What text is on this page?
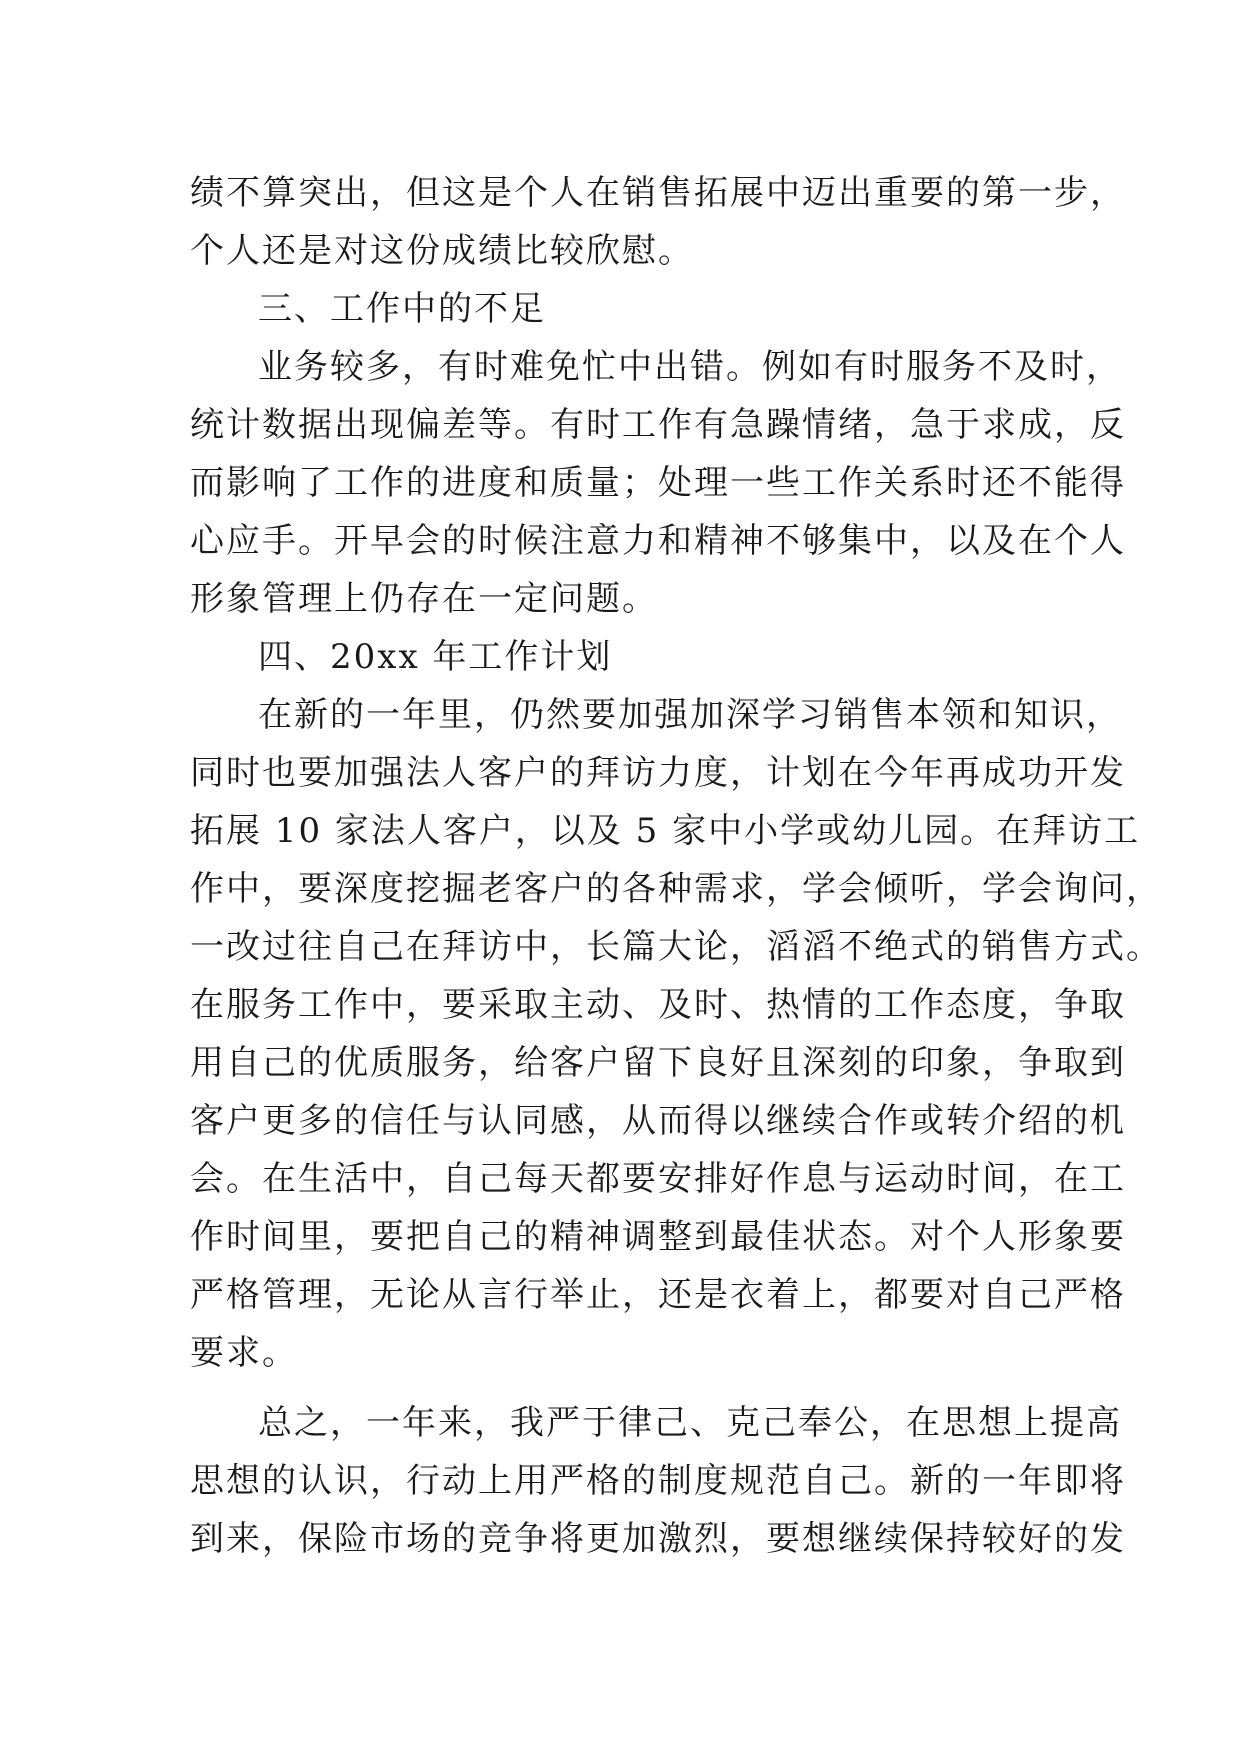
绩不算突出，但这是个人在销售拓展中迈出重要的第一步，
个人还是对这份成绩比较欣慰。
三、工作中的不足
业务较多，有时难免忙中出错。例如有时服务不及时，
统计数据出现偏差等。有时工作有急躁情绪，急于求成，反
而影响了工作的进度和质量；处理一些工作关系时还不能得
心应手。开早会的时候注意力和精神不够集中，以及在个人
形象管理上仍存在一定问题。
四、20xx 年工作计划
在新的一年里，仍然要加强加深学习销售本领和知识，
同时也要加强法人客户的拜访力度，计划在今年再成功开发
拓展 10 家法人客户，以及 5 家中小学或幼儿园。在拜访工
作中，要深度挖掘老客户的各种需求，学会倾听，学会询问，
一改过往自己在拜访中，长篇大论，滔滔不绝式的销售方式。
在服务工作中，要采取主动、及时、热情的工作态度，争取
用自己的优质服务，给客户留下良好且深刻的印象，争取到
客户更多的信任与认同感，从而得以继续合作或转介绍的机
会。在生活中，自己每天都要安排好作息与运动时间，在工
作时间里，要把自己的精神调整到最佳状态。对个人形象要
严格管理，无论从言行举止，还是衣着上，都要对自己严格
要求。
总之，一年来，我严于律己、克己奉公，在思想上提高
思想的认识，行动上用严格的制度规范自己。新的一年即将
到来，保险市场的竞争将更加激烈，要想继续保持较好的发
